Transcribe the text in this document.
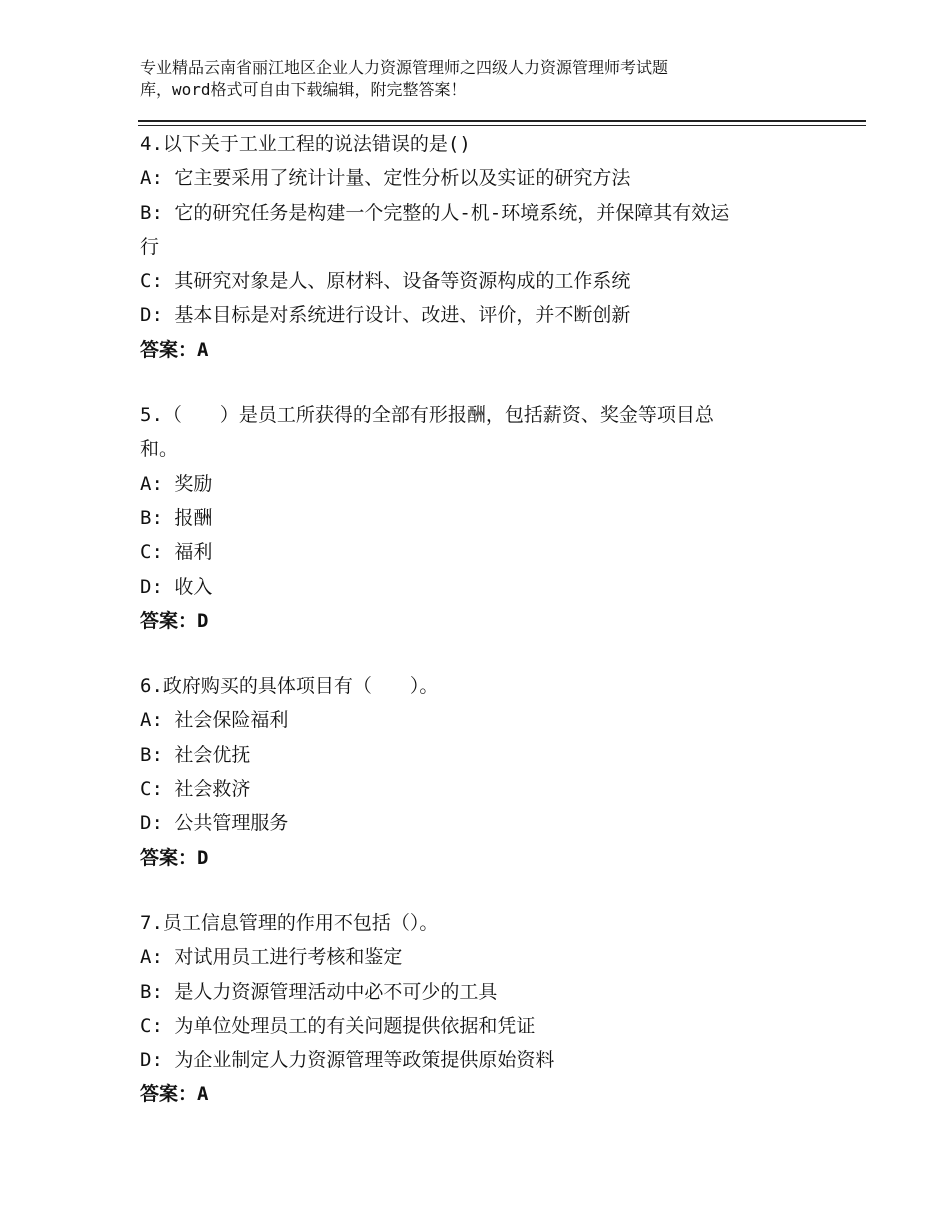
专业精品云南省丽江地区企业人力资源管理师之四级人力资源管理师考试题
库，word格式可自由下载编辑，附完整答案！
4.以下关于工业工程的说法错误的是()
A: 它主要采用了统计计量、定性分析以及实证的研究方法
B: 它的研究任务是构建一个完整的人-机-环境系统，并保障其有效运
行
C: 其研究对象是人、原材料、设备等资源构成的工作系统
D: 基本目标是对系统进行设计、改进、评价，并不断创新
答案：A
5.（　　）是员工所获得的全部有形报酬，包括薪资、奖金等项目总
和。
A: 奖励
B: 报酬
C: 福利
D: 收入
答案：D
6.政府购买的具体项目有（　　）。
A: 社会保险福利
B: 社会优抚
C: 社会救济
D: 公共管理服务
答案：D
7.员工信息管理的作用不包括（）。
A: 对试用员工进行考核和鉴定
B: 是人力资源管理活动中必不可少的工具
C: 为单位处理员工的有关问题提供依据和凭证
D: 为企业制定人力资源管理等政策提供原始资料
答案：A
